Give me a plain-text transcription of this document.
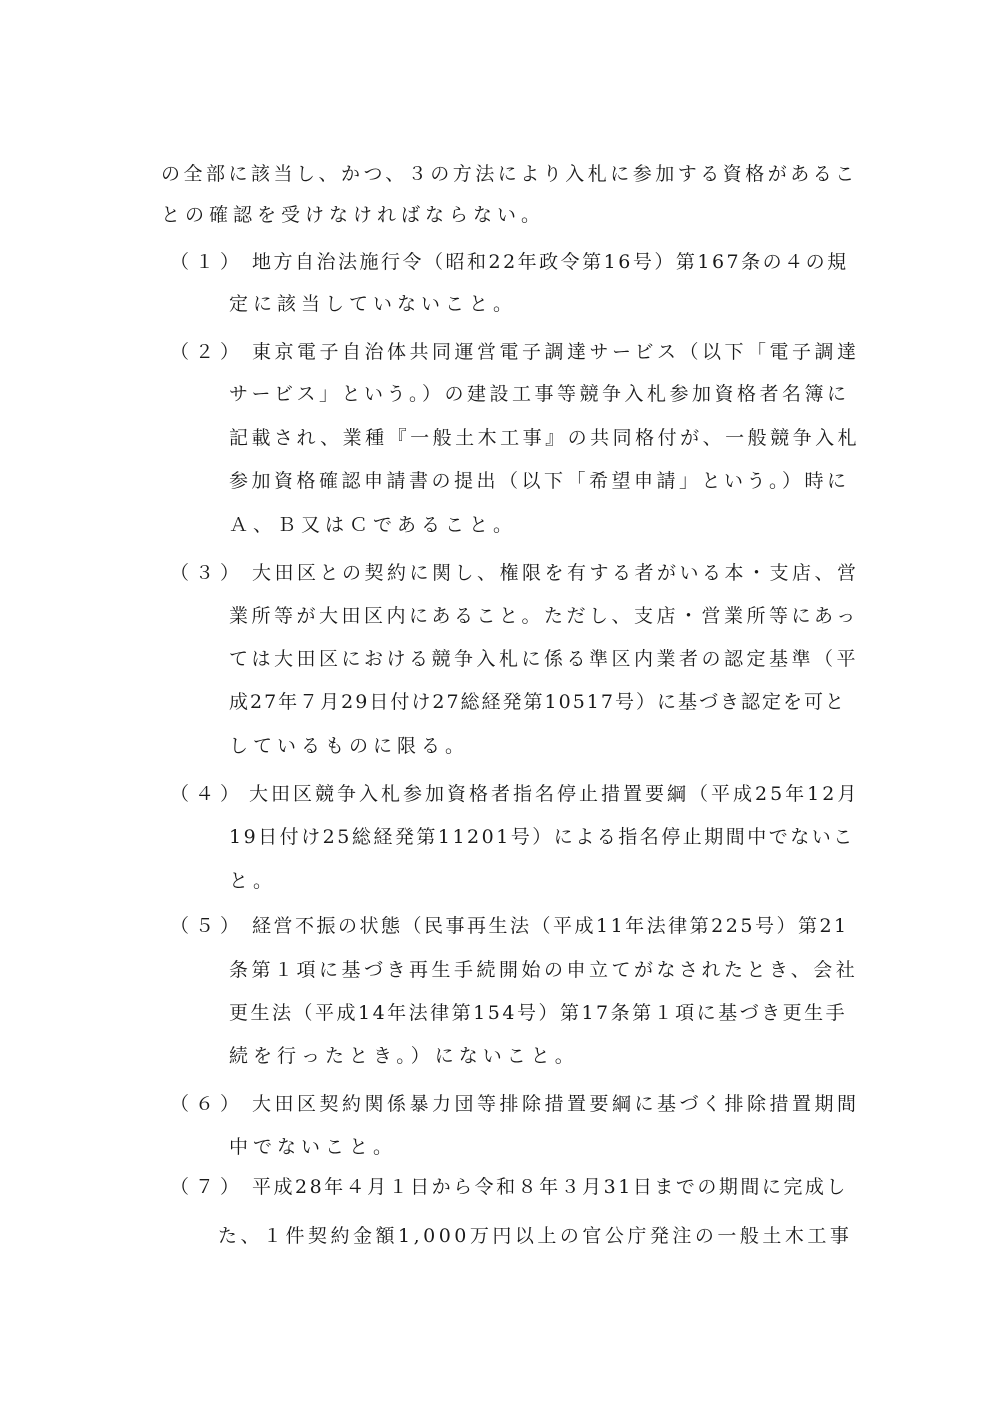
の全部に該当し、かつ、３の方法により入札に参加する資格があるこ
との確認を受けなければならない。
（１） 地方自治法施行令（昭和22年政令第16号）第167条の４の規
定に該当していないこと。
（２） 東京電子自治体共同運営電子調達サービス（以下「電子調達
サービス」という。）の建設工事等競争入札参加資格者名簿に
記載され、業種『一般土木工事』の共同格付が、一般競争入札
参加資格確認申請書の提出（以下「希望申請」という。）時に
Ａ、Ｂ又はＣであること。
（３） 大田区との契約に関し、権限を有する者がいる本・支店、営
業所等が大田区内にあること。ただし、支店・営業所等にあっ
ては大田区における競争入札に係る準区内業者の認定基準（平
成27年７月29日付け27総経発第10517号）に基づき認定を可と
しているものに限る。
（４） 大田区競争入札参加資格者指名停止措置要綱（平成25年12月
19日付け25総経発第11201号）による指名停止期間中でないこ
と。
（５） 経営不振の状態（民事再生法（平成11年法律第225号）第21
条第１項に基づき再生手続開始の申立てがなされたとき、会社
更生法（平成14年法律第154号）第17条第１項に基づき更生手
続を行ったとき。）にないこと。
（６） 大田区契約関係暴力団等排除措置要綱に基づく排除措置期間
中でないこと。
（７） 平成28年４月１日から令和８年３月31日までの期間に完成し
た、１件契約金額1,000万円以上の官公庁発注の一般土木工事
